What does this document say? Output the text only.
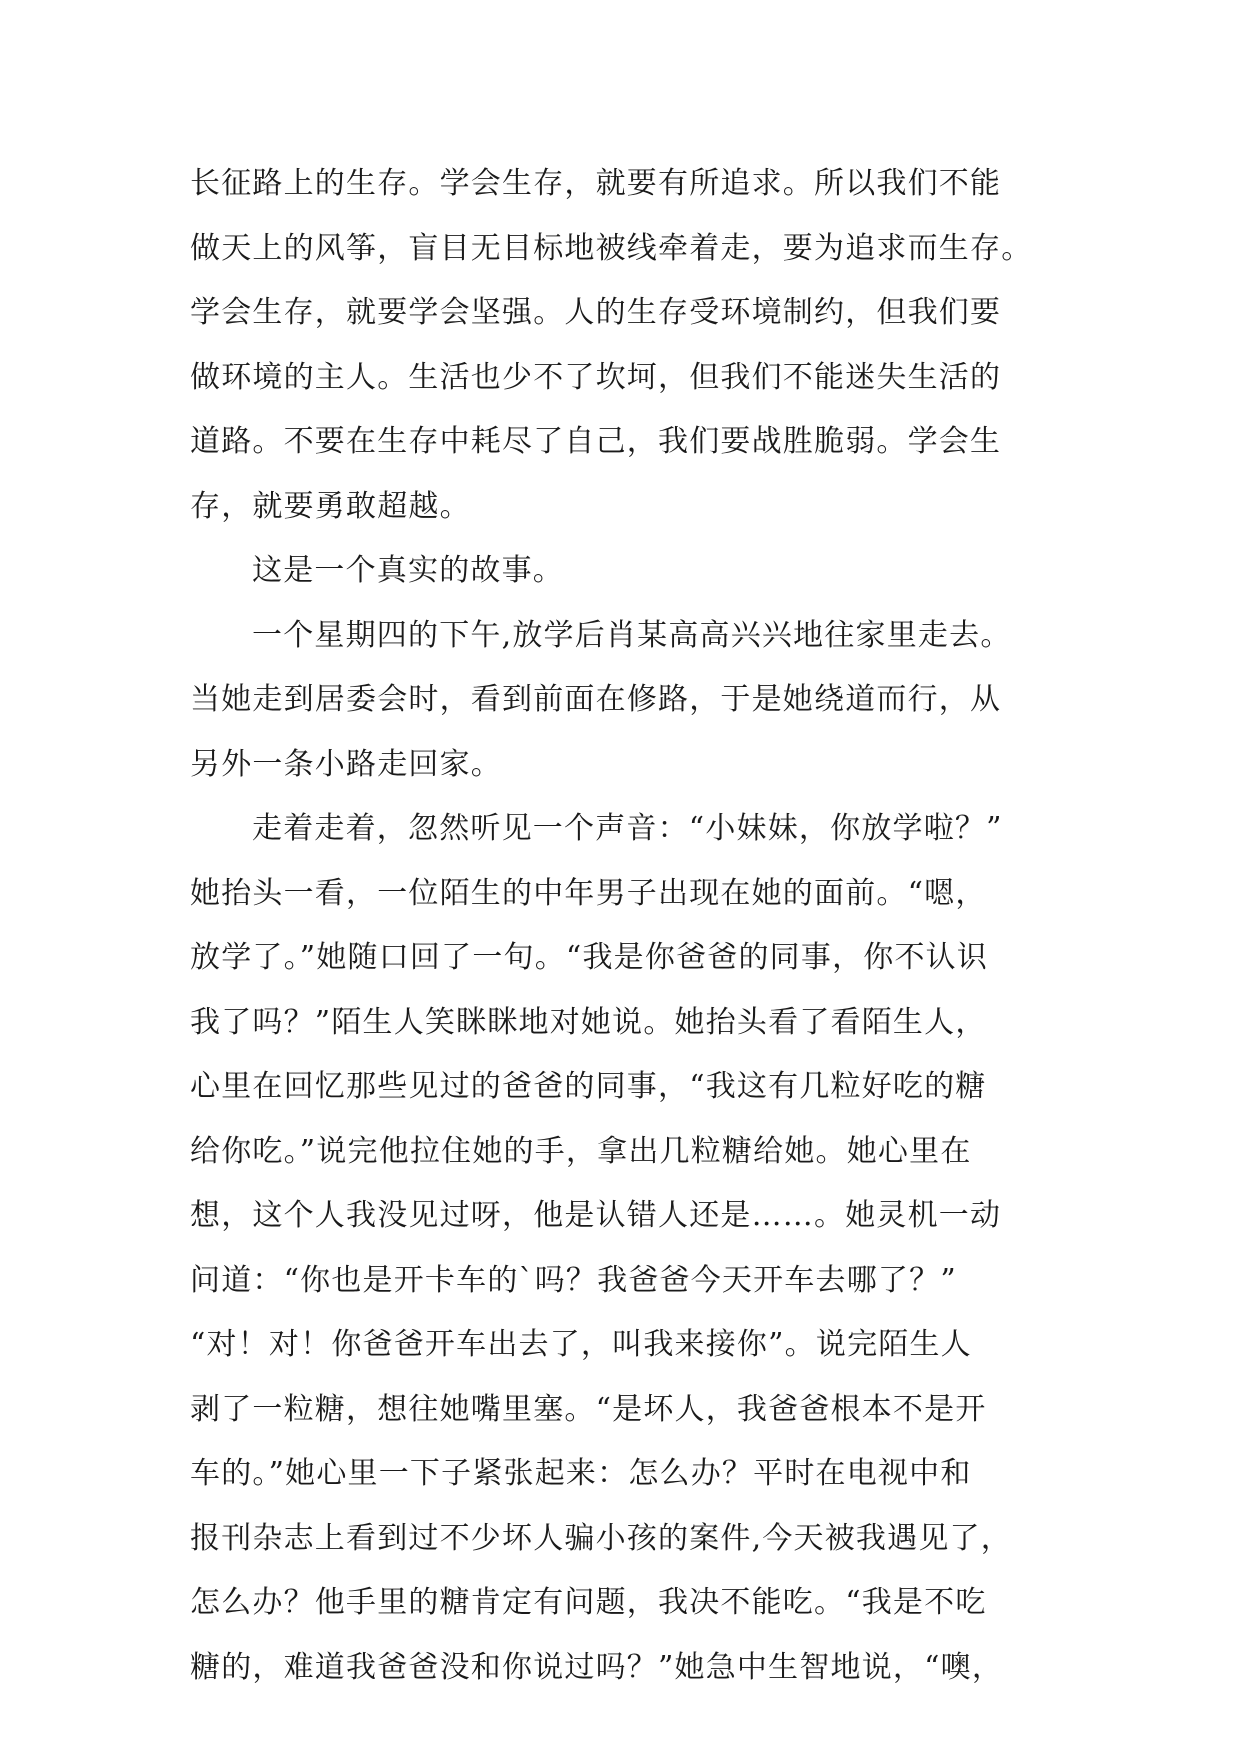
长征路上的生存。学会生存，就要有所追求。所以我们不能
做天上的风筝，盲目无目标地被线牵着走，要为追求而生存。
学会生存，就要学会坚强。人的生存受环境制约，但我们要
做环境的主人。生活也少不了坎坷，但我们不能迷失生活的
道路。不要在生存中耗尽了自己，我们要战胜脆弱。学会生
存，就要勇敢超越。

这是一个真实的故事。

一个星期四的下午,放学后肖某高高兴兴地往家里走去。
当她走到居委会时，看到前面在修路，于是她绕道而行，从
另外一条小路走回家。

走着走着，忽然听见一个声音：“小妹妹，你放学啦？”
她抬头一看，一位陌生的中年男子出现在她的面前。“嗯，
放学了。”她随口回了一句。“我是你爸爸的同事，你不认识
我了吗？”陌生人笑眯眯地对她说。她抬头看了看陌生人，
心里在回忆那些见过的爸爸的同事，“我这有几粒好吃的糖
给你吃。”说完他拉住她的手，拿出几粒糖给她。她心里在
想，这个人我没见过呀，他是认错人还是……。她灵机一动
问道：“你也是开卡车的`吗？我爸爸今天开车去哪了？”
“对！对！你爸爸开车出去了，叫我来接你”。说完陌生人
剥了一粒糖，想往她嘴里塞。“是坏人，我爸爸根本不是开
车的。”她心里一下子紧张起来：怎么办？平时在电视中和
报刊杂志上看到过不少坏人骗小孩的案件,今天被我遇见了，
怎么办？他手里的糖肯定有问题，我决不能吃。“我是不吃
糖的，难道我爸爸没和你说过吗？”她急中生智地说，“噢，
